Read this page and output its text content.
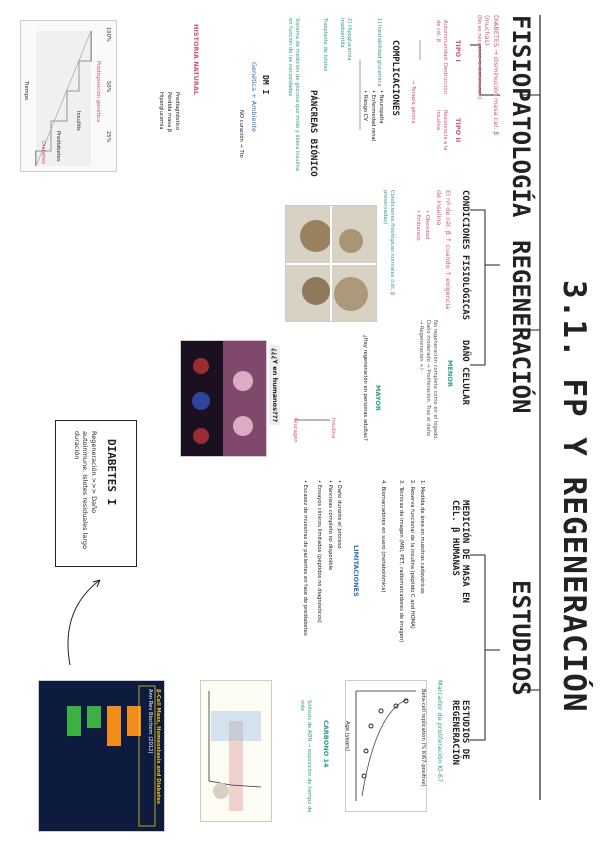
3.1. FP Y REGENERACIÓN
FISIOPATOLOGÍA
REGENERACIÓN
ESTUDIOS
DIABETES → disminución masa cel. β (muchas)
(No es necesaria la disminución)
TIPO I
Autoinmunidad. Destrucción de cél. β
TIPO II
Resistencia a la insulina
→ Terapia génica
COMPLICACIONES
1) Inestabilidad glucémica
2) Hipoglucemia inadvertida
Trasplante de islotes
• Neuropatía
• Enfermedad renal
• Riesgo CV
PÁNCREAS BIÓNICO
Sistema de medición de glucosa que mide y libera insulina en función de las necesidades
DM I
Genética + Ambiente
NO curación → Tto
HISTORIA NATURAL
Prediagnóstico
Pérdida masa β
Hiperglucemia
100%
50%
25%
Tiempo	Predisposición genética
Insulitis
Prediabetes
Diabetes
CONDICIONES FISIOLÓGICAS
El nº de cél. β ↑ cuando ↑ exigencia de insulina
• Obesidad
• Embarazo
Condiciones fisiológicas normales (cél. β preservadas)
DAÑO CELULAR
MENOR
No regeneración completa como en el hígado. Daño moderado → Proliferación. Tras el daño → Regeneración +/-
MAYOR
¿Hay regeneración en personas adultas?
¿¿¿Y en humanos???
Insulina
Glucagón
MEDICIÓN DE MASA EN CÉL. β HUMANAS
1. Medida de área en muestras cadavéricas
2. Reserva funcional de la insulina (péptido C and HOMA)
3. Técnicas de imagen (MRI, PET, radiomarcadores de imagen)
4. Biomarcadores en suero (metabolómica)
LIMITACIONES
• Daño durante el proceso
• Páncreas completo no disponible
• Ensayos clínicos limitados (péptidos no diagnósticos)
• Escasez de muestras de pacientes en fase de prediabetes
ESTUDIOS DE REGENERACIÓN
Marcador de proliferación Ki-67
Beta-cell replication (% Ki67-positive)
Age (years)
CARBONO 14
Síntesis de ADN → exposición de tiempo de vida
β-Cell Mass, Homeostasis and Diabetes
Ann Rev Biochem (2012)
DIABETES I
Regeneración >>> Daño autoinmune. Islotes residuales largo duración
